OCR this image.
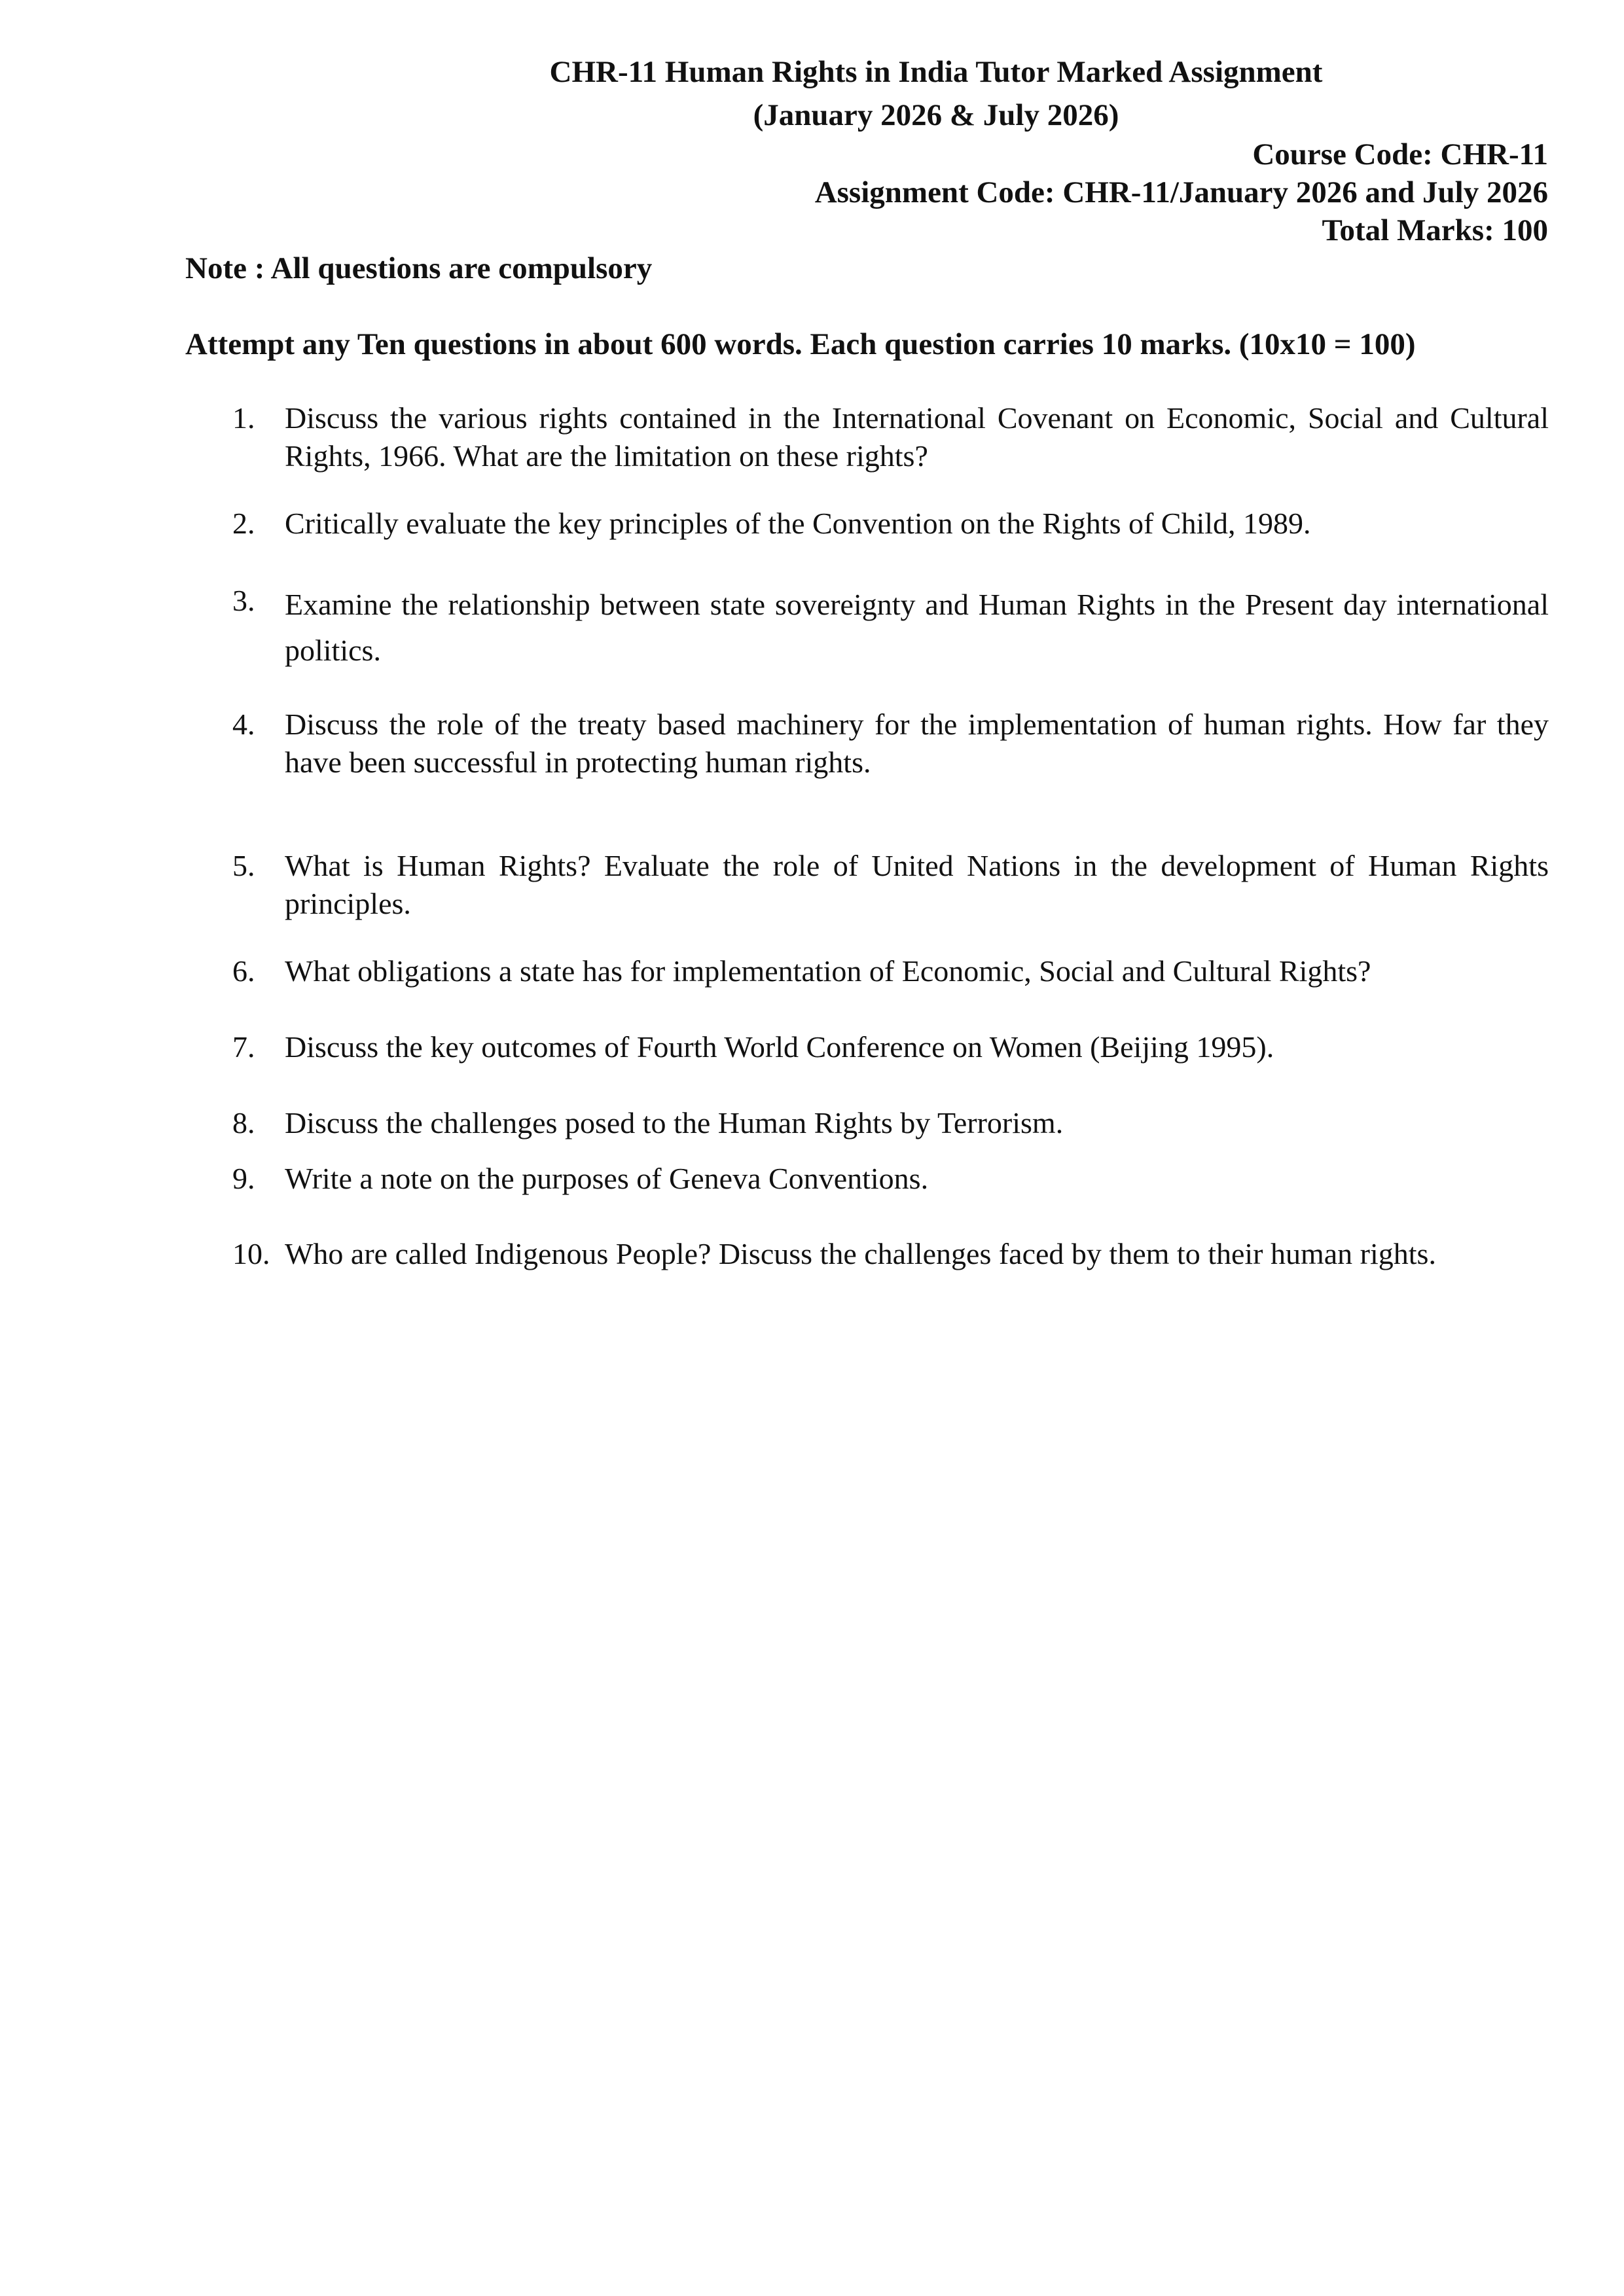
CHR-11 Human Rights in India Tutor Marked Assignment
(January 2026 & July 2026)
Course Code: CHR-11
Assignment Code: CHR-11/January 2026 and July 2026
Total Marks: 100
Note : All questions are compulsory
Attempt any Ten questions in about 600 words. Each question carries 10 marks. (10x10 = 100)
1. Discuss the various rights contained in the International Covenant on Economic, Social and Cultural Rights, 1966. What are the limitation on these rights?
2. Critically evaluate the key principles of the Convention on the Rights of Child, 1989.
3. Examine the relationship between state sovereignty and Human Rights in the Present day international politics.
4. Discuss the role of the treaty based machinery for the implementation of human rights. How far they have been successful in protecting human rights.
5. What is Human Rights? Evaluate the role of United Nations in the development of Human Rights principles.
6. What obligations a state has for implementation of Economic, Social and Cultural Rights?
7. Discuss the key outcomes of Fourth World Conference on Women (Beijing 1995).
8. Discuss the challenges posed to the Human Rights by Terrorism.
9. Write a note on the purposes of Geneva Conventions.
10. Who are called Indigenous People? Discuss the challenges faced by them to their human rights.
